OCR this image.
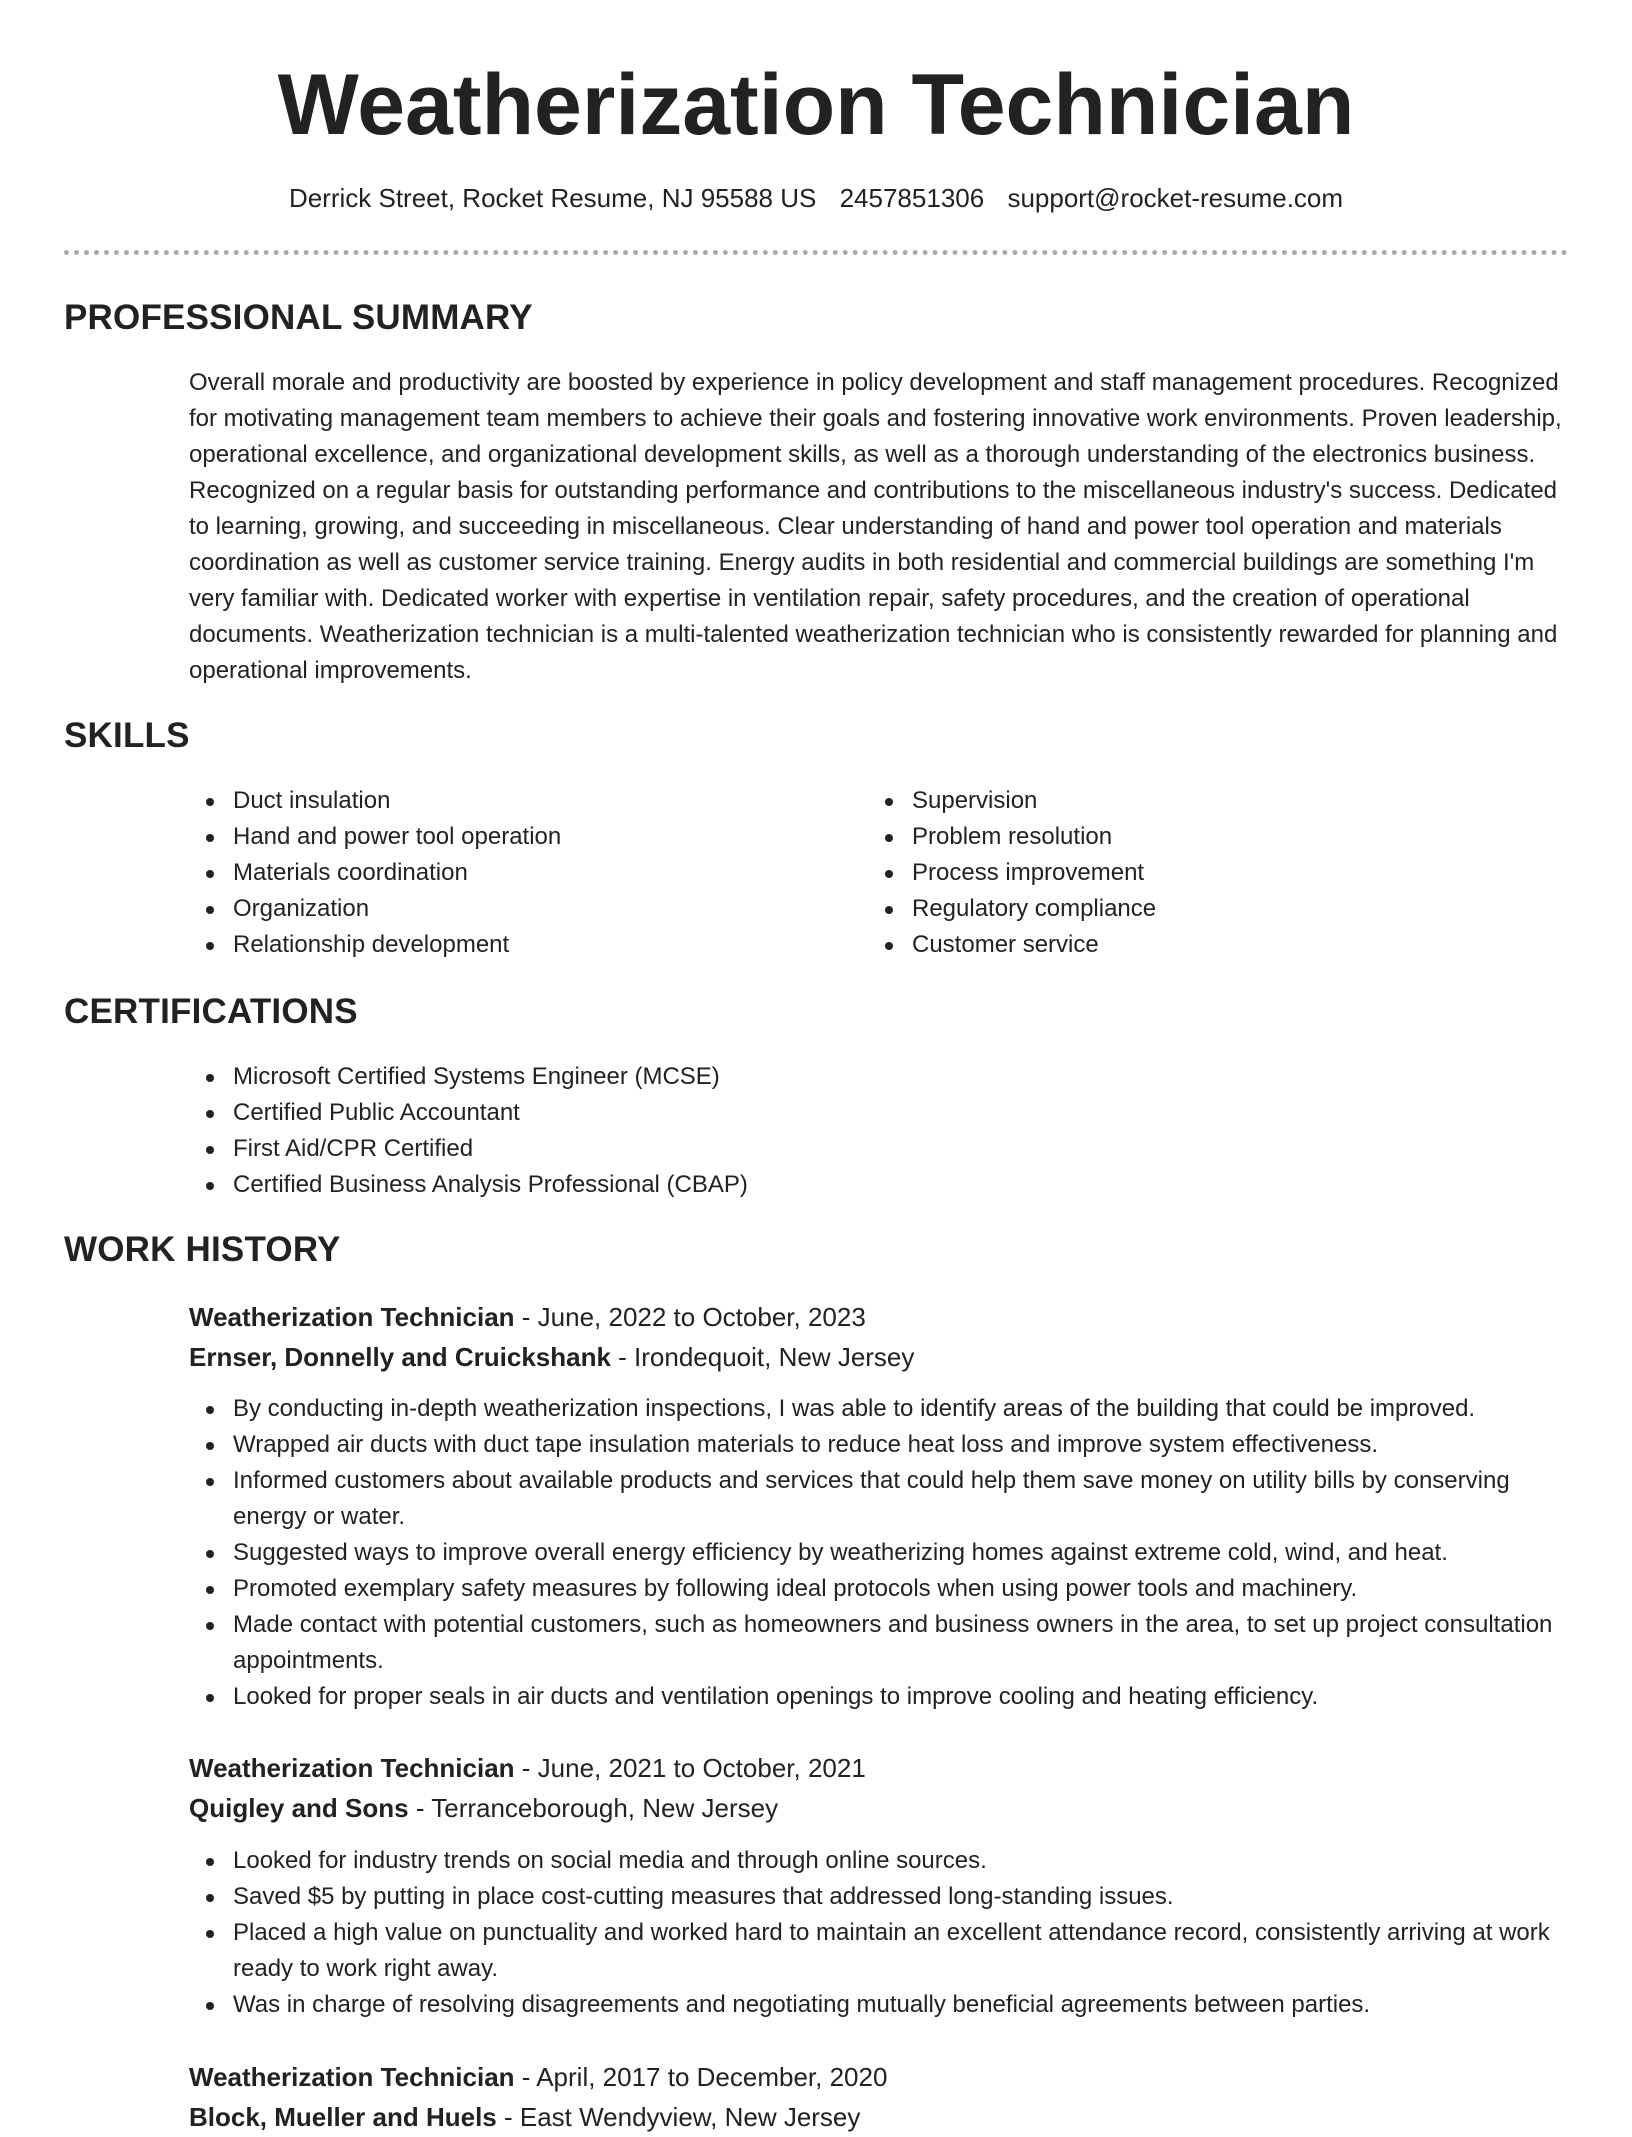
Weatherization Technician
Derrick Street, Rocket Resume, NJ 95588 US 2457851306 support@rocket-resume.com
PROFESSIONAL SUMMARY

Overall morale and productivity are boosted by experience in policy development and staff management procedures. Recognized for motivating management team members to achieve their goals and fostering innovative work environments. Proven leadership, operational excellence, and organizational development skills, as well as a thorough understanding of the electronics business. Recognized on a regular basis for outstanding performance and contributions to the miscellaneous industry's success. Dedicated to learning, growing, and succeeding in miscellaneous. Clear understanding of hand and power tool operation and materials coordination as well as customer service training. Energy audits in both residential and commercial buildings are something I'm very familiar with. Dedicated worker with expertise in ventilation repair, safety procedures, and the creation of operational documents. Weatherization technician is a multi-talented weatherization technician who is consistently rewarded for planning and operational improvements.

SKILLS
Duct insulation
Hand and power tool operation
Materials coordination
Organization
Relationship development
Supervision
Problem resolution
Process improvement
Regulatory compliance
Customer service
CERTIFICATIONS
Microsoft Certified Systems Engineer (MCSE)
Certified Public Accountant
First Aid/CPR Certified
Certified Business Analysis Professional (CBAP)
WORK HISTORY
Weatherization Technician - June, 2022 to October, 2023
Ernser, Donnelly and Cruickshank - Irondequoit, New Jersey
By conducting in-depth weatherization inspections, I was able to identify areas of the building that could be improved.
Wrapped air ducts with duct tape insulation materials to reduce heat loss and improve system effectiveness.
Informed customers about available products and services that could help them save money on utility bills by conserving energy or water.
Suggested ways to improve overall energy efficiency by weatherizing homes against extreme cold, wind, and heat.
Promoted exemplary safety measures by following ideal protocols when using power tools and machinery.
Made contact with potential customers, such as homeowners and business owners in the area, to set up project consultation appointments.
Looked for proper seals in air ducts and ventilation openings to improve cooling and heating efficiency.
Weatherization Technician - June, 2021 to October, 2021
Quigley and Sons - Terranceborough, New Jersey
Looked for industry trends on social media and through online sources.
Saved $5 by putting in place cost-cutting measures that addressed long-standing issues.
Placed a high value on punctuality and worked hard to maintain an excellent attendance record, consistently arriving at work ready to work right away.
Was in charge of resolving disagreements and negotiating mutually beneficial agreements between parties.
Weatherization Technician - April, 2017 to December, 2020
Block, Mueller and Huels - East Wendyview, New Jersey
